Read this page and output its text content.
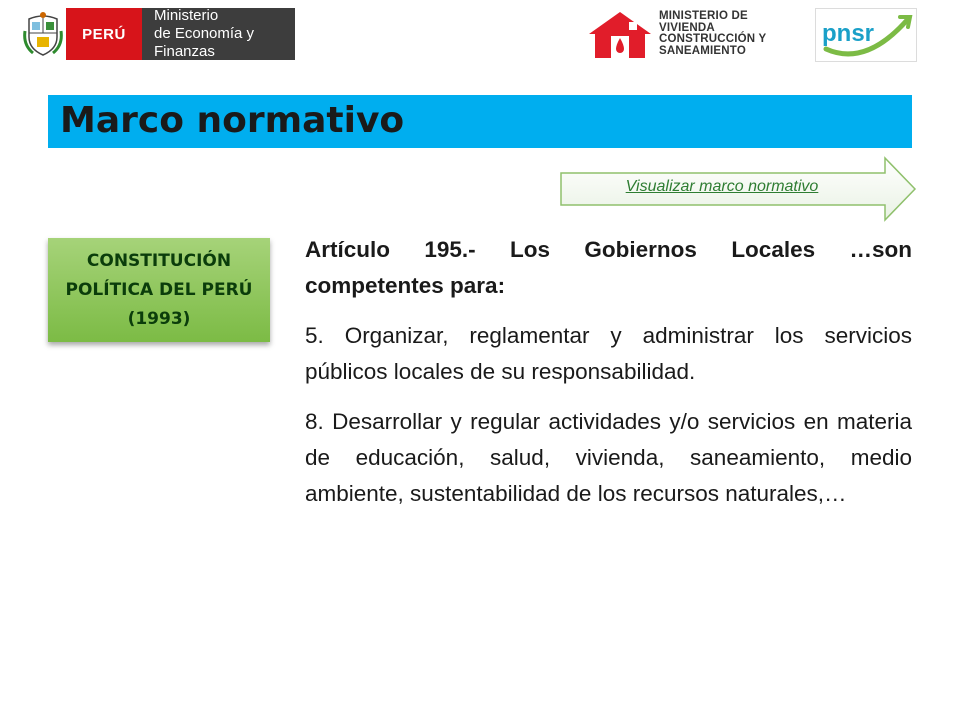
PERÚ
Ministerio
de Economía y Finanzas
MINISTERIO DE
VIVIENDA
CONSTRUCCIÓN Y
SANEAMIENTO
pnsr
Marco normativo
Visualizar marco normativo
CONSTITUCIÓN POLÍTICA DEL PERÚ (1993)

Artículo 195.- Los Gobiernos Locales …son competentes para:

5. Organizar, reglamentar y administrar los servicios públicos locales de su responsabilidad.

8. Desarrollar y regular actividades y/o servicios en materia de educación, salud, vivienda, saneamiento, medio ambiente, sustentabilidad de los recursos naturales,…
